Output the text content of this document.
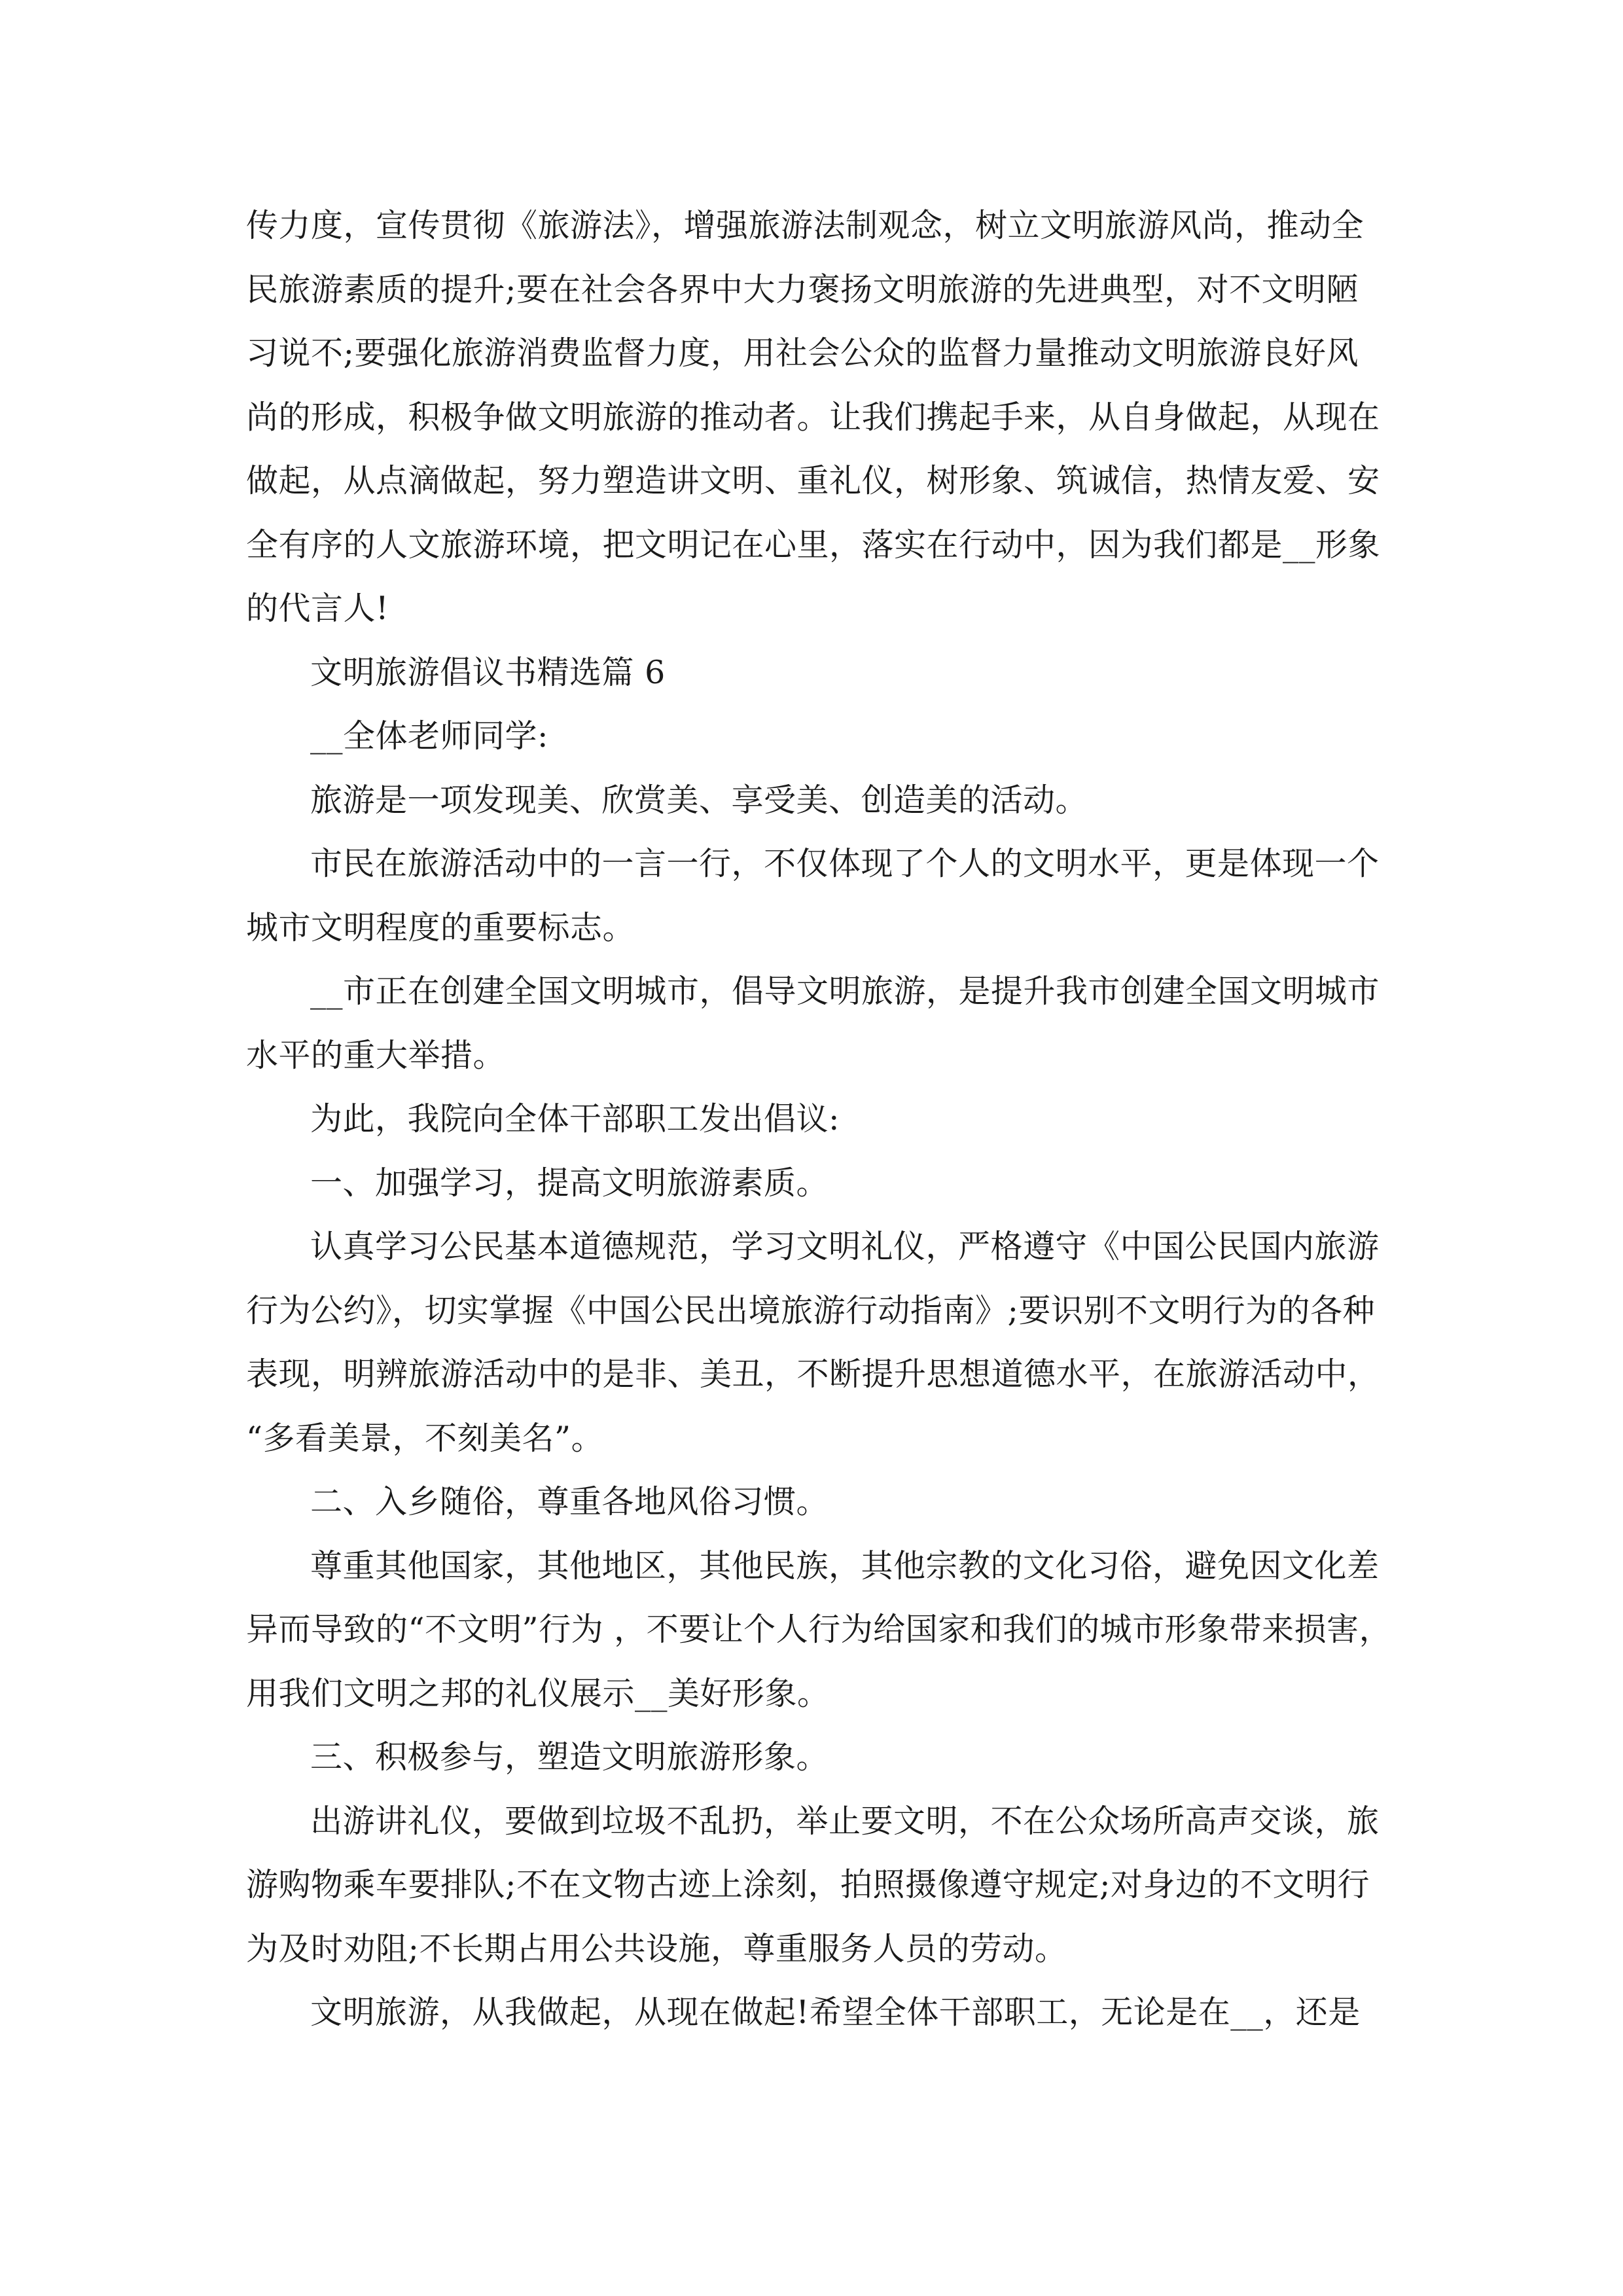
传力度，宣传贯彻《旅游法》，增强旅游法制观念，树立文明旅游风尚，推动全
民旅游素质的提升;要在社会各界中大力褒扬文明旅游的先进典型，对不文明陋
习说不;要强化旅游消费监督力度，用社会公众的监督力量推动文明旅游良好风
尚的形成，积极争做文明旅游的推动者。让我们携起手来，从自身做起，从现在
做起，从点滴做起，努力塑造讲文明、重礼仪，树形象、筑诚信，热情友爱、安
全有序的人文旅游环境，把文明记在心里，落实在行动中，因为我们都是__形象
的代言人!
文明旅游倡议书精选篇 6
__全体老师同学:
旅游是一项发现美、欣赏美、享受美、创造美的活动。
市民在旅游活动中的一言一行，不仅体现了个人的文明水平，更是体现一个
城市文明程度的重要标志。
__市正在创建全国文明城市，倡导文明旅游，是提升我市创建全国文明城市
水平的重大举措。
为此，我院向全体干部职工发出倡议:
一、加强学习，提高文明旅游素质。
认真学习公民基本道德规范，学习文明礼仪，严格遵守《中国公民国内旅游
行为公约》，切实掌握《中国公民出境旅游行动指南》;要识别不文明行为的各种
表现，明辨旅游活动中的是非、美丑，不断提升思想道德水平，在旅游活动中，
“多看美景，不刻美名”。
二、入乡随俗，尊重各地风俗习惯。
尊重其他国家，其他地区，其他民族，其他宗教的文化习俗，避免因文化差
异而导致的“不文明”行为 ，不要让个人行为给国家和我们的城市形象带来损害，
用我们文明之邦的礼仪展示__美好形象。
三、积极参与，塑造文明旅游形象。
出游讲礼仪，要做到垃圾不乱扔，举止要文明，不在公众场所高声交谈，旅
游购物乘车要排队;不在文物古迹上涂刻，拍照摄像遵守规定;对身边的不文明行
为及时劝阻;不长期占用公共设施，尊重服务人员的劳动。
文明旅游，从我做起，从现在做起!希望全体干部职工，无论是在__，还是
